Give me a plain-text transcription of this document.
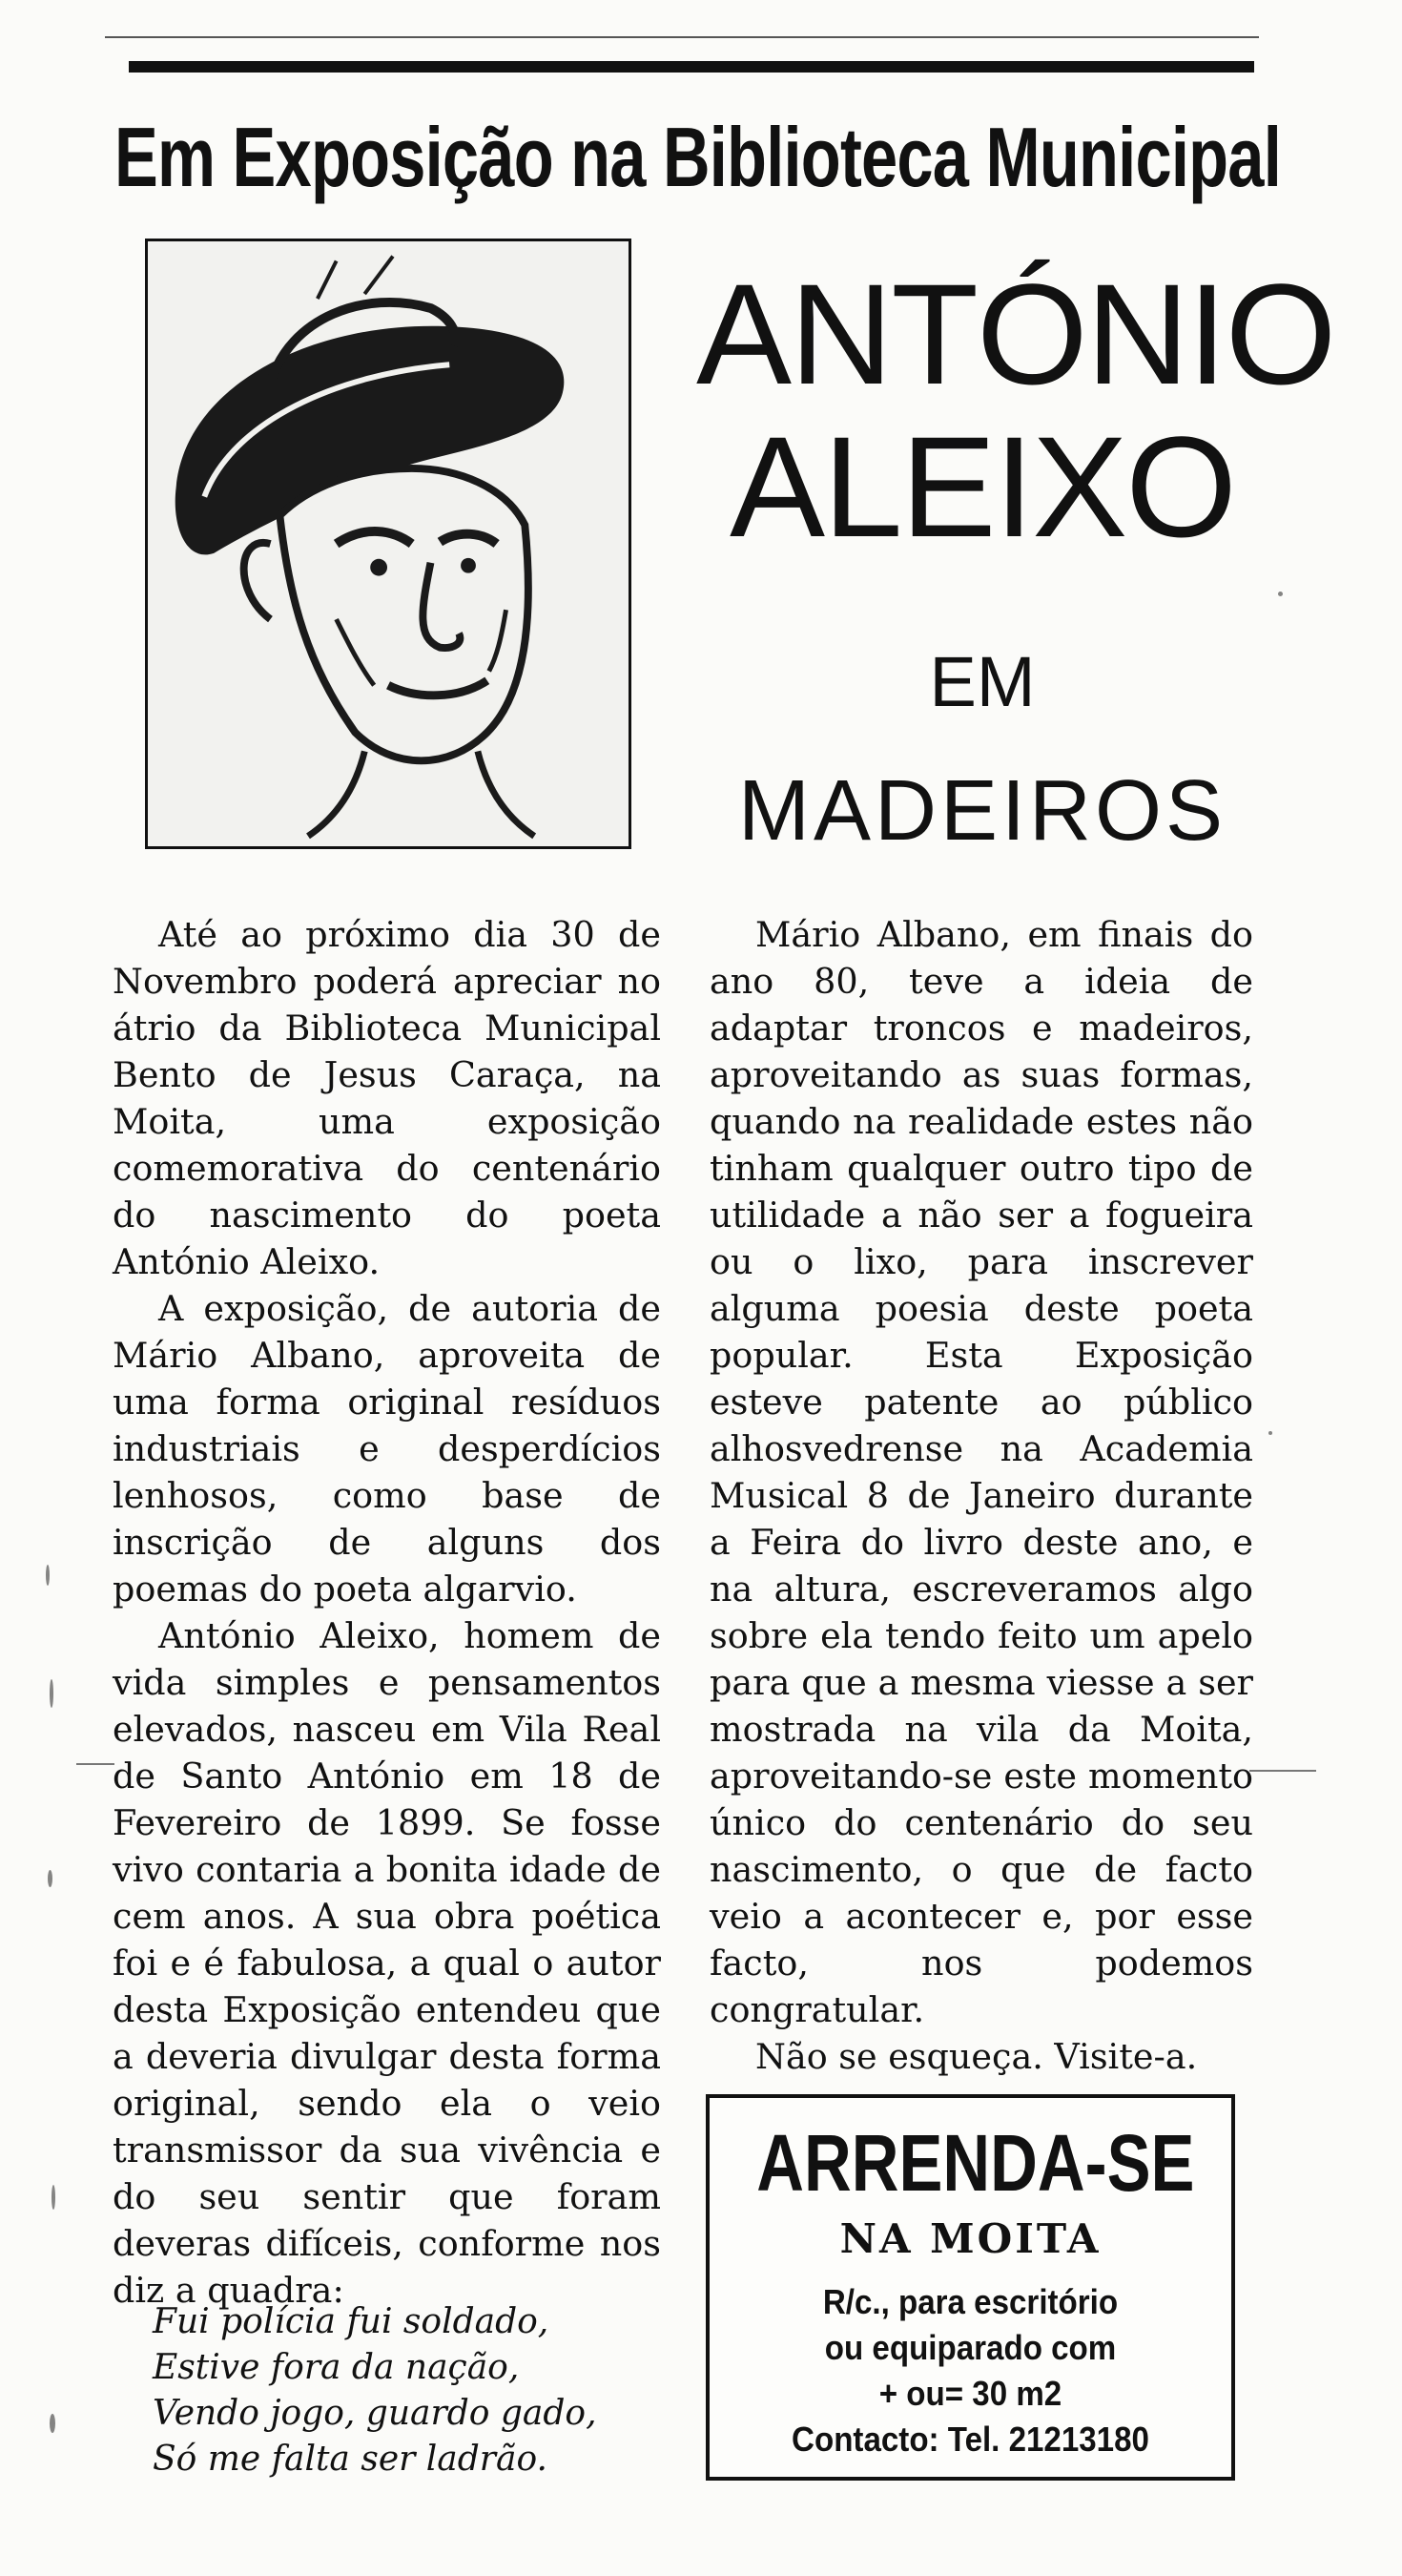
Em Exposição na Biblioteca Municipal
ANTÓNIO
ALEIXO
EM
MADEIROS

Até ao próximo dia 30 de Novembro poderá apreciar no átrio da Biblioteca Municipal Bento de Jesus Caraça, na Moita, uma exposição comemorativa do centenário do nascimento do poeta António Aleixo.

A exposição, de autoria de Mário Albano, aproveita de uma forma original resíduos industriais e desperdícios lenhosos, como base de inscrição de alguns dos poemas do poeta algarvio.

António Aleixo, homem de vida simples e pensamentos elevados, nasceu em Vila Real de Santo António em 18 de Fevereiro de 1899. Se fosse vivo contaria a bonita idade de cem anos. A sua obra poética foi e é fabulosa, a qual o autor desta Exposição entendeu que a deveria divulgar desta forma original, sendo ela o veio transmissor da sua vivência e do seu sentir que foram deveras difíceis, conforme nos diz a quadra:

Fui polícia fui soldado,
Estive fora da nação,
Vendo jogo, guardo gado,
Só me falta ser ladrão.

Mário Albano, em finais do ano 80, teve a ideia de adaptar troncos e madeiros, aproveitando as suas formas, quando na realidade estes não tinham qualquer outro tipo de utilidade a não ser a fogueira ou o lixo, para inscrever alguma poesia deste poeta popular. Esta Exposição esteve patente ao público alhosvedrense na Academia Musical 8 de Janeiro durante a Feira do livro deste ano, e na altura, escreveramos algo sobre ela tendo feito um apelo para que a mesma viesse a ser mostrada na vila da Moita, aproveitando-se este momento único do centenário do seu nascimento, o que de facto veio a acontecer e, por esse facto, nos podemos congratular.

Não se esqueça. Visite-a.

ARRENDA-SE
NA MOITA
R/c., para escritório
ou equiparado com
+ ou= 30 m2
Contacto: Tel. 21213180
